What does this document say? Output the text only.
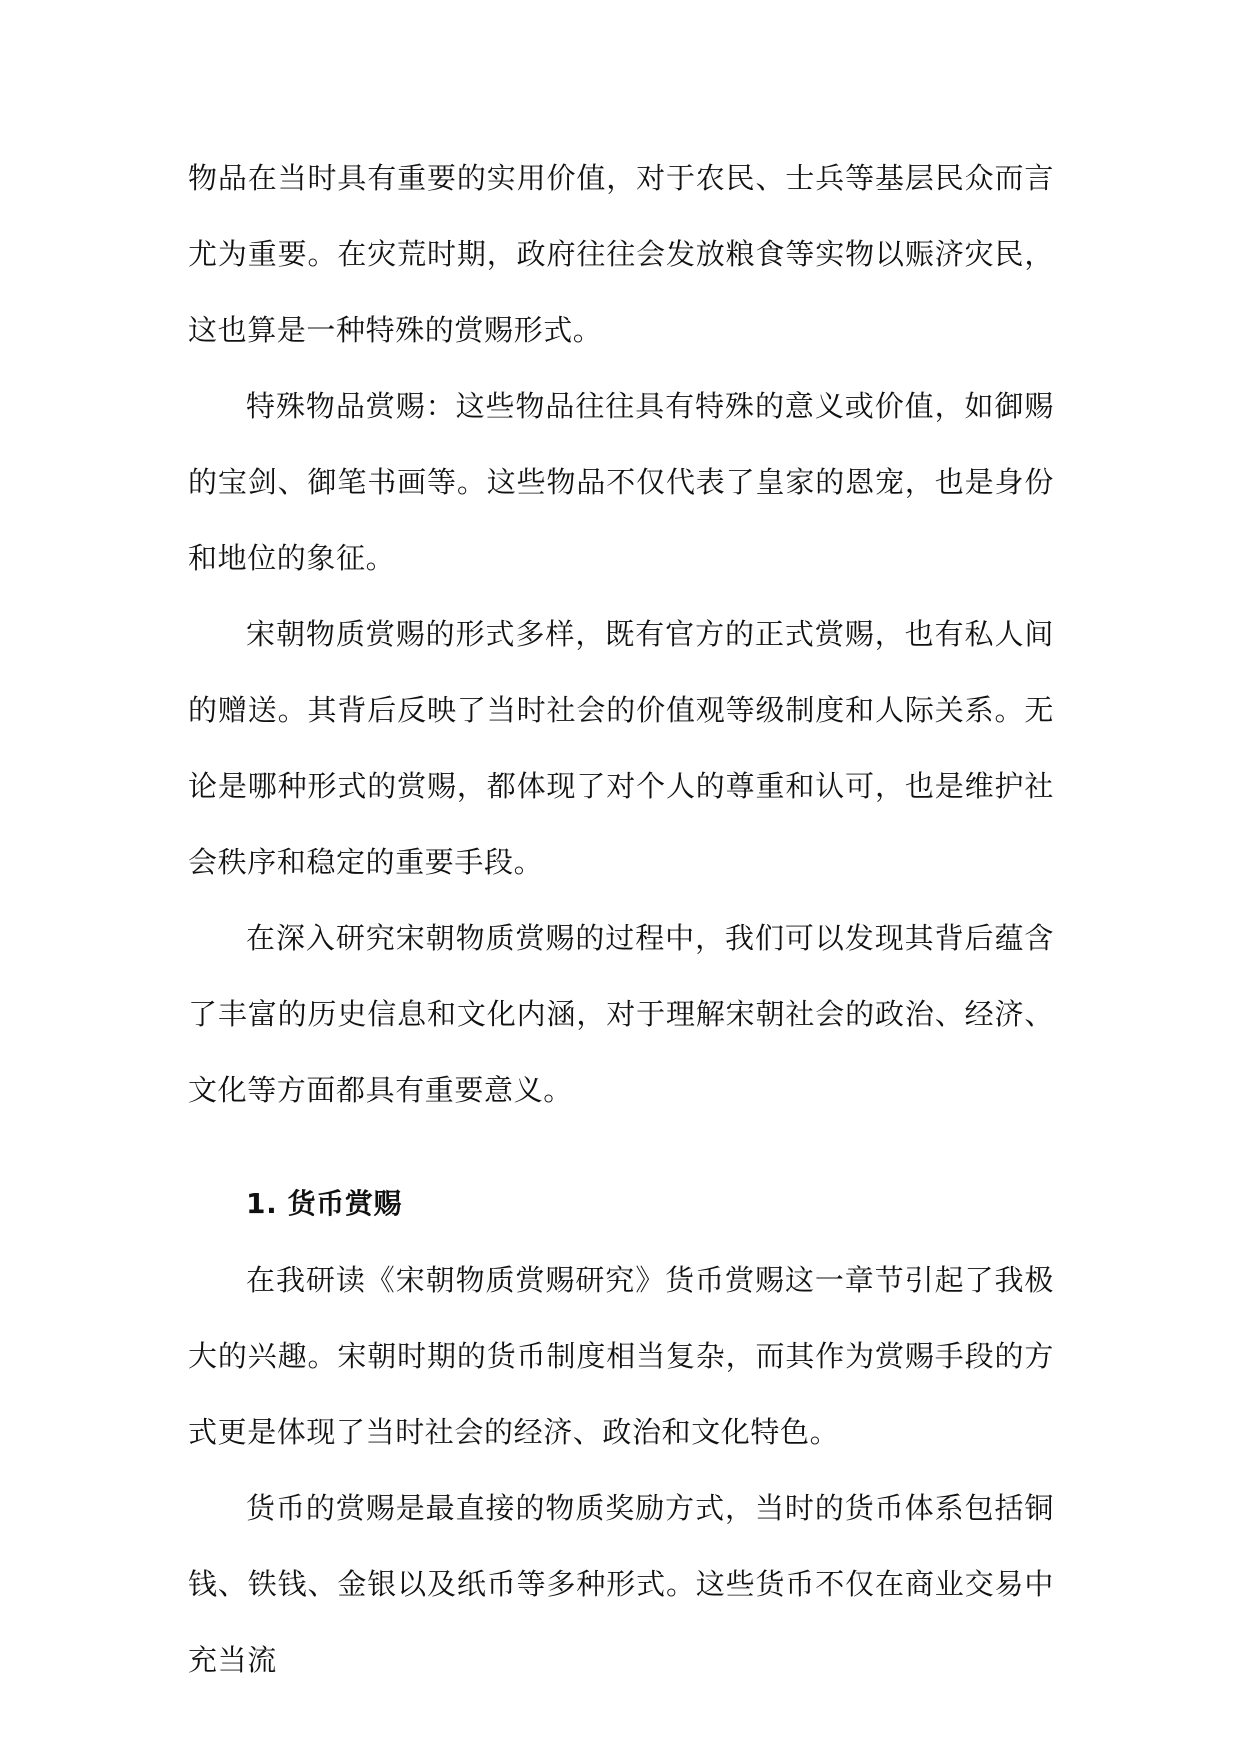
物品在当时具有重要的实用价值，对于农民、士兵等基层民众而言尤为重要。在灾荒时期，政府往往会发放粮食等实物以赈济灾民，这也算是一种特殊的赏赐形式。

特殊物品赏赐：这些物品往往具有特殊的意义或价值，如御赐的宝剑、御笔书画等。这些物品不仅代表了皇家的恩宠，也是身份和地位的象征。

宋朝物质赏赐的形式多样，既有官方的正式赏赐，也有私人间的赠送。其背后反映了当时社会的价值观等级制度和人际关系。无论是哪种形式的赏赐，都体现了对个人的尊重和认可，也是维护社会秩序和稳定的重要手段。

在深入研究宋朝物质赏赐的过程中，我们可以发现其背后蕴含了丰富的历史信息和文化内涵，对于理解宋朝社会的政治、经济、文化等方面都具有重要意义。

1. 货币赏赐

在我研读《宋朝物质赏赐研究》货币赏赐这一章节引起了我极大的兴趣。宋朝时期的货币制度相当复杂，而其作为赏赐手段的方式更是体现了当时社会的经济、政治和文化特色。

货币的赏赐是最直接的物质奖励方式，当时的货币体系包括铜钱、铁钱、金银以及纸币等多种形式。这些货币不仅在商业交易中充当流
